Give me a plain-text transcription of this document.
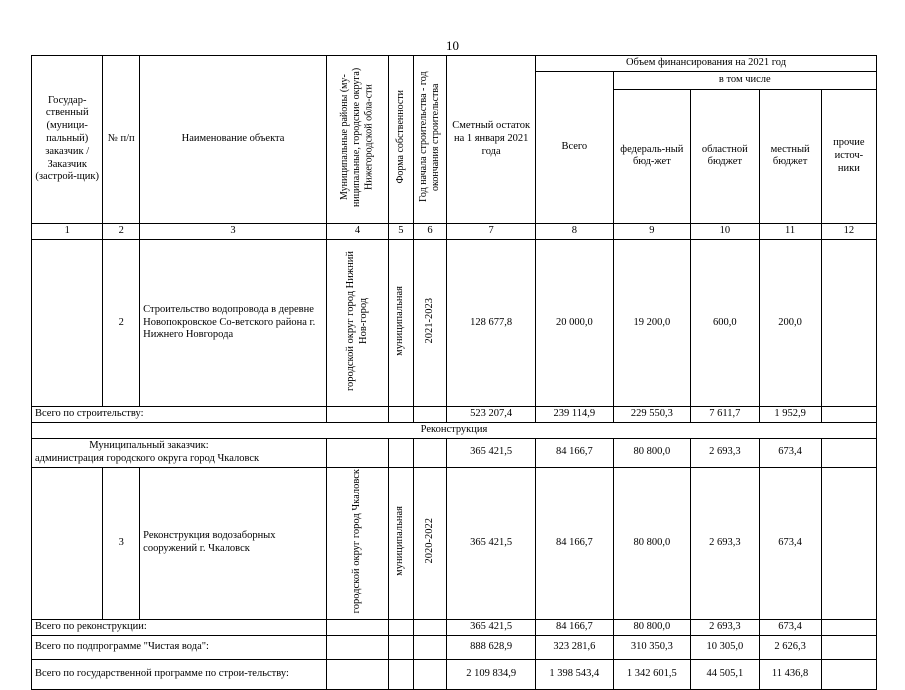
10
Государ-ственный (муници-пальный) заказчик / Заказчик (застрой-щик)	№ п/п	Наименование объекта	Муниципальные районы (му-ниципальные, городские округа) Нижегородской обла-сти	Форма собственности	Год начала строительства - год окончания строительства	Сметный остаток на 1 января 2021 года	Объем финансирования на 2021 год				
							Всего	в том числе			
								федераль-ный бюд-жет	областной бюджет	местный бюджет	прочие источ-ники
1	2	3	4	5	6	7	8	9	10	11	12
	2	Строительство водопровода в деревне Новопокровское Со-ветского района г. Нижнего Новгорода	городской округ город Нижний Нов-город	муниципальная	2021-2023	128 677,8	20 000,0	19 200,0	600,0	200,0	
Всего по строительству:						523 207,4	239 114,9	229 550,3	7 611,7	1 952,9	
Реконструкция											

Муниципальный заказчик:
администрация городского округа город Чкаловск						365 421,5	84 166,7	80 800,0	2 693,3	673,4	
	3	Реконструкция водозаборных сооружений г. Чкаловск	городской округ город Чкаловск	муниципальная	2020-2022	365 421,5	84 166,7	80 800,0	2 693,3	673,4	
Всего по реконструкции:						365 421,5	84 166,7	80 800,0	2 693,3	673,4	
Всего по подпрограмме "Чистая вода":						888 628,9	323 281,6	310 350,3	10 305,0	2 626,3	
Всего по государственной программе по строи-тельству:						2 109 834,9	1 398 543,4	1 342 601,5	44 505,1	11 436,8	
